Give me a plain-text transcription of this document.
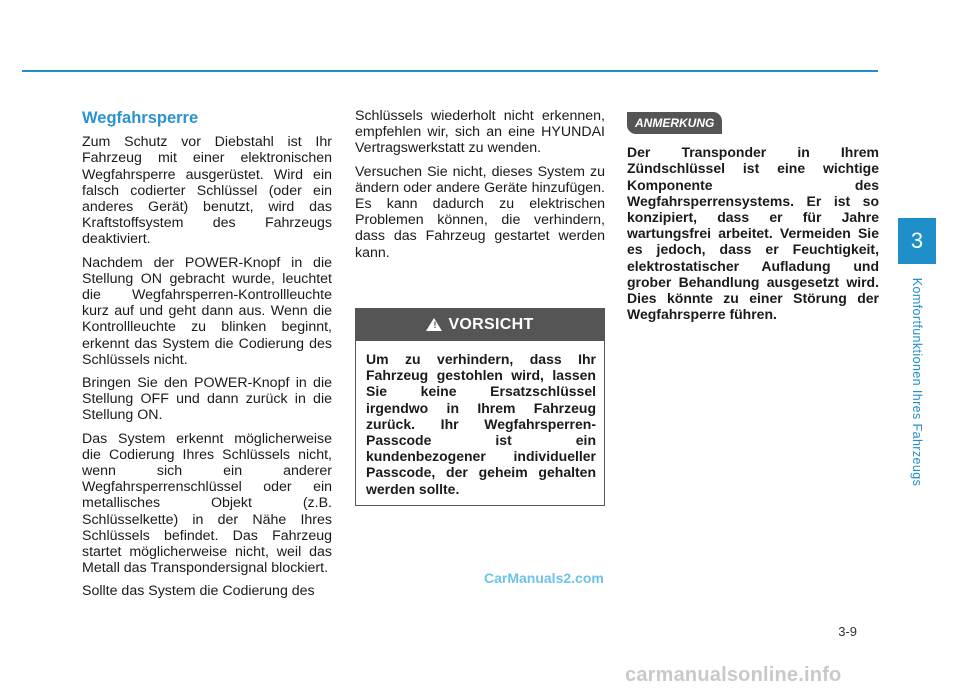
Wegfahrsperre

Zum Schutz vor Diebstahl ist Ihr Fahrzeug mit einer elektronischen Wegfahrsperre ausgerüstet. Wird ein falsch codierter Schlüssel (oder ein anderes Gerät) benutzt, wird das Kraftstoffsystem des Fahrzeugs deaktiviert.

Nachdem der POWER-Knopf in die Stellung ON gebracht wurde, leuchtet die Wegfahrsperren-Kontrollleuchte kurz auf und geht dann aus. Wenn die Kontrollleuchte zu blinken beginnt, erkennt das System die Codierung des Schlüssels nicht.

Bringen Sie den POWER-Knopf in die Stellung OFF und dann zurück in die Stellung ON.

Das System erkennt möglicherweise die Codierung Ihres Schlüssels nicht, wenn sich ein anderer Wegfahrsperrenschlüssel oder ein metallisches Objekt (z.B. Schlüsselkette) in der Nähe Ihres Schlüssels befindet. Das Fahrzeug startet möglicherweise nicht, weil das Metall das Transpondersignal blockiert.

Sollte das System die Codierung des

Schlüssels wiederholt nicht erkennen, empfehlen wir, sich an eine HYUNDAI Vertragswerkstatt zu wenden.

Versuchen Sie nicht, dieses System zu ändern oder andere Geräte hinzufügen. Es kann dadurch zu elektrischen Problemen können, die verhindern, dass das Fahrzeug gestartet werden kann.

! VORSICHT
Um zu verhindern, dass Ihr Fahrzeug gestohlen wird, lassen Sie keine Ersatzschlüssel irgendwo in Ihrem Fahrzeug zurück. Ihr Wegfahrsperren-Passcode ist ein kundenbezogener individueller Passcode, der geheim gehalten werden sollte.
ANMERKUNG
Der Transponder in Ihrem Zündschlüssel ist eine wichtige Komponente des Wegfahrsperrensystems. Er ist so konzipiert, dass er für Jahre wartungsfrei arbeitet. Vermeiden Sie es jedoch, dass er Feuchtigkeit, elektrostatischer Aufladung und grober Behandlung ausgesetzt wird. Dies könnte zu einer Störung der Wegfahrsperre führen.
3
Komfortfunktionen Ihres Fahrzeugs
3-9
CarManuals2.com
carmanualsonline.info
